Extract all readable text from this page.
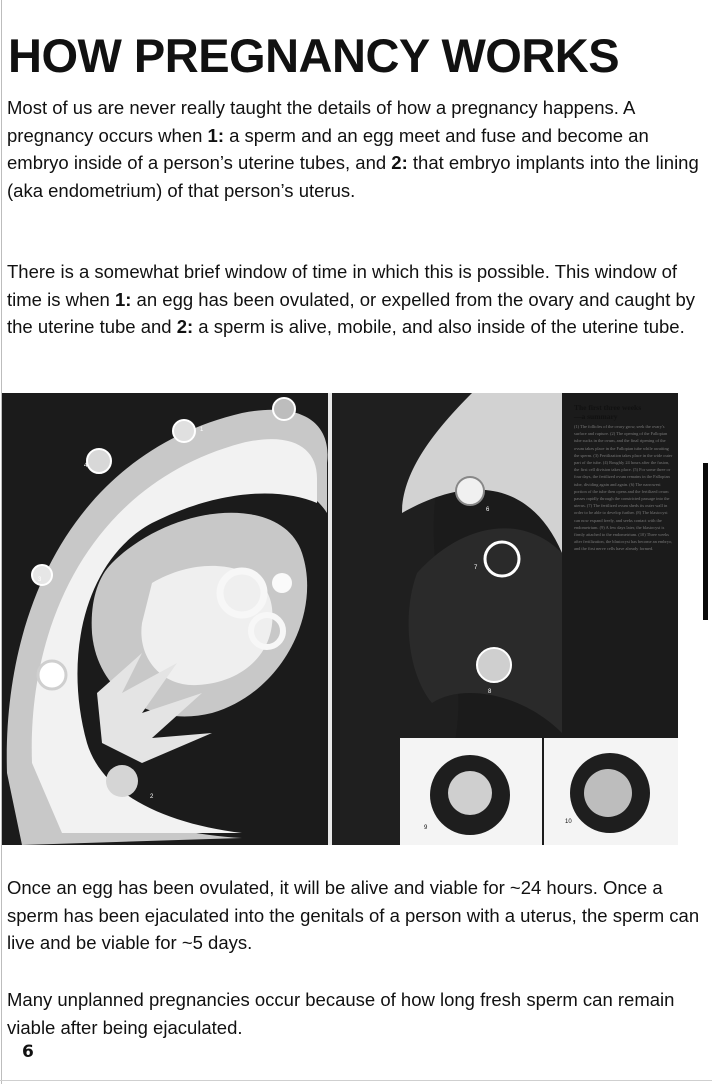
HOW PREGNANCY WORKS

Most of us are never really taught the details of how a pregnancy happens. A pregnancy occurs when 1: a sperm and an egg meet and fuse and become an embryo inside of a person’s uterine tubes, and 2: that embryo implants into the lining (aka endometrium) of that person’s uterus.

There is a somewhat brief window of time in which this is possible. This window of time is when 1: an egg has been ovulated, or expelled from the ovary and caught by the uterine tube and 2: a sperm is alive, mobile, and also inside of the uterine tube.

1
2
3
4
6
7
8
9
10
The first three weeks
—a summary
(1) The follicles of the ovary grow, seek the ovary's surface and rupture. (2) The opening of the Fallopian tube sucks in the ovum, and the final ripening of the ovum takes place in the Fallopian tube while awaiting the sperm. (3) Fertilization takes place in the wide outer part of the tube. (4) Roughly 24 hours after the fusion, the first cell division takes place. (5) For some three or four days, the fertilized ovum remains in the Fallopian tube, dividing again and again. (6) The narrowest portion of the tube then opens and the fertilized ovum passes rapidly through the constricted passage into the uterus. (7) The fertilized ovum sheds its outer wall in order to be able to develop further. (8) The blastocyst can now expand freely, and seeks contact with the endometrium. (9) A few days later, the blastocyst is firmly attached to the endometrium. (10) Three weeks after fertilization, the blastocyst has become an embryo, and the first nerve cells have already formed.

Once an egg has been ovulated, it will be alive and viable for ~24 hours. Once a sperm has been ejaculated into the genitals of a person with a uterus, the sperm can live and be viable for ~5 days.

Many unplanned pregnancies occur because of how long fresh sperm can remain viable after being ejaculated.

6
